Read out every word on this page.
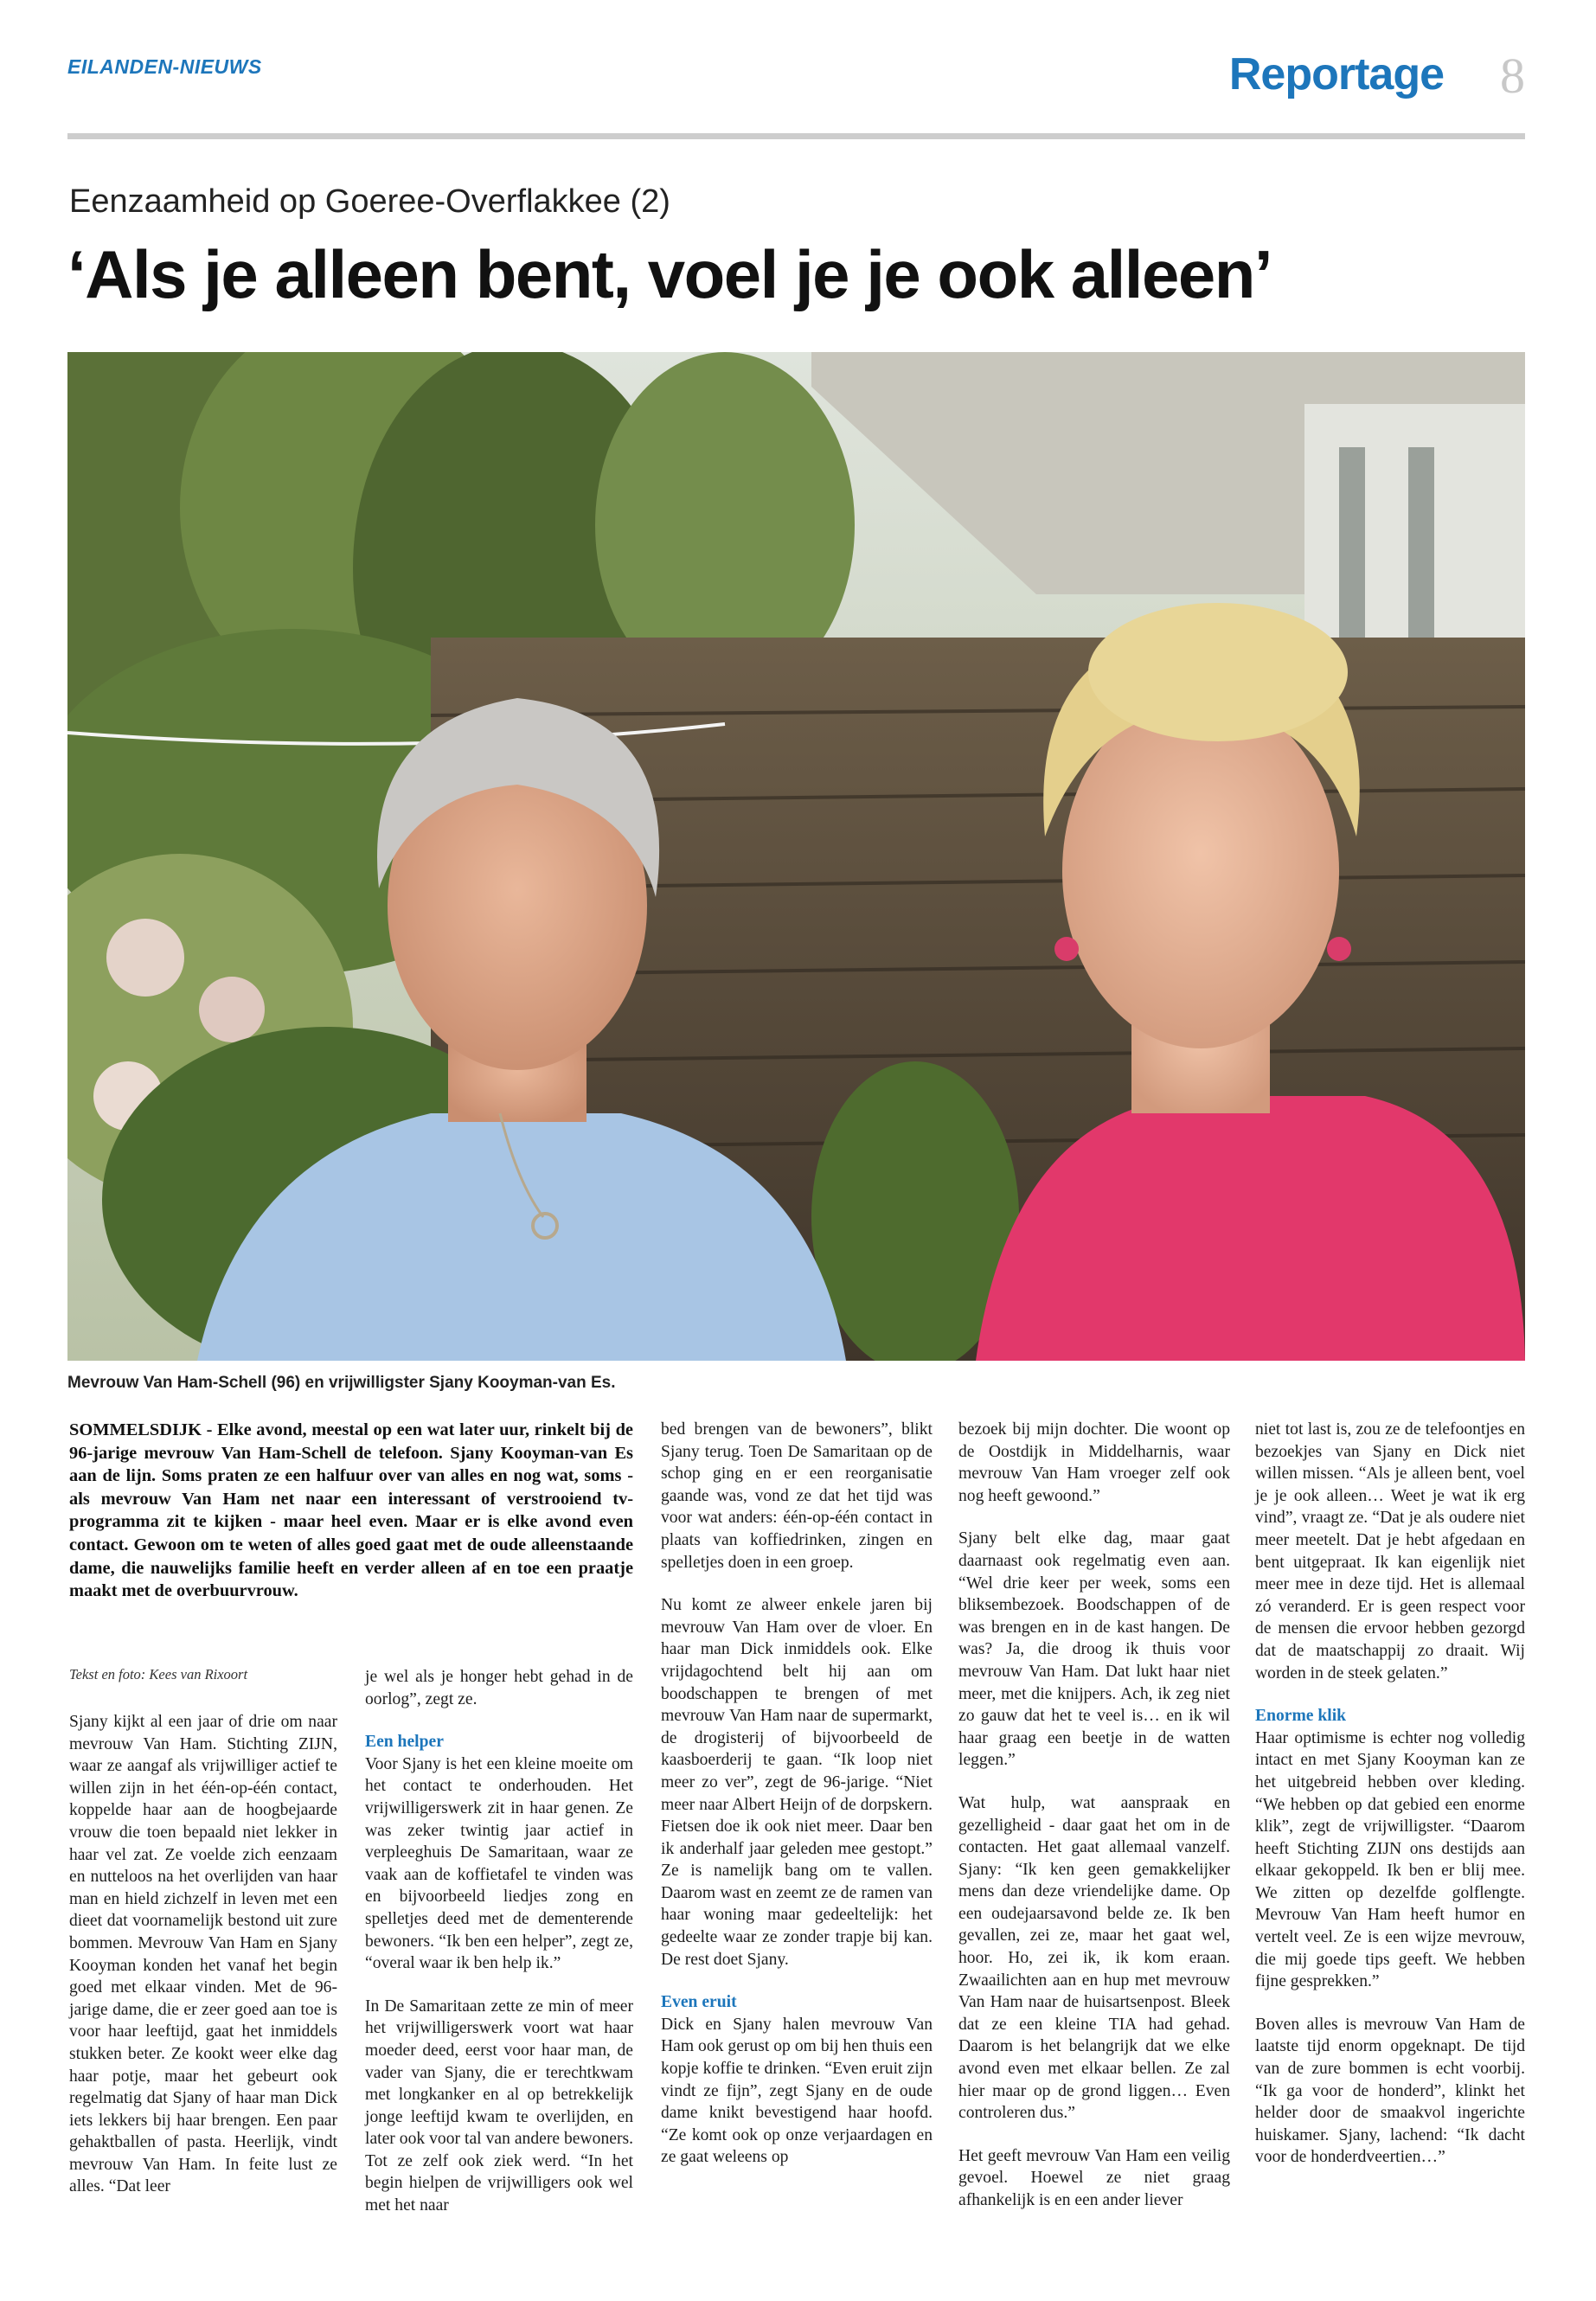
EILANDEN-NIEUWS	Reportage 8
Eenzaamheid op Goeree-Overflakkee (2)
‘Als je alleen bent, voel je je ook alleen’
Mevrouw Van Ham-Schell (96) en vrijwilligster Sjany Kooyman-van Es.
SOMMELSDIJK - Elke avond, meestal op een wat later uur, rinkelt bij de 96-jarige mevrouw Van Ham-Schell de telefoon. Sjany Kooyman-van Es aan de lijn. Soms praten ze een halfuur over van alles en nog wat, soms - als mevrouw Van Ham net naar een interessant of verstrooiend tv-programma zit te kijken - maar heel even. Maar er is elke avond even contact. Gewoon om te weten of alles goed gaat met de oude alleenstaande dame, die nauwelijks familie heeft en verder alleen af en toe een praatje maakt met de overbuurvrouw.
Tekst en foto: Kees van Rixoort

Sjany kijkt al een jaar of drie om naar mevrouw Van Ham. Stichting ZIJN, waar ze aangaf als vrijwilliger actief te willen zijn in het één-op-één contact, koppelde haar aan de hoogbejaarde vrouw die toen bepaald niet lekker in haar vel zat. Ze voelde zich eenzaam en nutteloos na het overlijden van haar man en hield zichzelf in leven met een dieet dat voornamelijk bestond uit zure bommen. Mevrouw Van Ham en Sjany Kooyman konden het vanaf het begin goed met elkaar vinden. Met de 96-jarige dame, die er zeer goed aan toe is voor haar leeftijd, gaat het inmiddels stukken beter. Ze kookt weer elke dag haar potje, maar het gebeurt ook regelmatig dat Sjany of haar man Dick iets lekkers bij haar brengen. Een paar gehaktballen of pasta. Heerlijk, vindt mevrouw Van Ham. In feite lust ze alles. “Dat leer

je wel als je honger hebt gehad in de oorlog”, zegt ze.

Een helper

Voor Sjany is het een kleine moeite om het contact te onderhouden. Het vrijwilligerswerk zit in haar genen. Ze was zeker twintig jaar actief in verpleeghuis De Samaritaan, waar ze vaak aan de koffietafel te vinden was en bijvoorbeeld liedjes zong en spelletjes deed met de dementerende bewoners. “Ik ben een helper”, zegt ze, “overal waar ik ben help ik.”

In De Samaritaan zette ze min of meer het vrijwilligerswerk voort wat haar moeder deed, eerst voor haar man, de vader van Sjany, die er terechtkwam met longkanker en al op betrekkelijk jonge leeftijd kwam te overlijden, en later ook voor tal van andere bewoners. Tot ze zelf ook ziek werd. “In het begin hielpen de vrijwilligers ook wel met het naar

bed brengen van de bewoners”, blikt Sjany terug. Toen De Samaritaan op de schop ging en er een reorganisatie gaande was, vond ze dat het tijd was voor wat anders: één-op-één contact in plaats van koffiedrinken, zingen en spelletjes doen in een groep.

Nu komt ze alweer enkele jaren bij mevrouw Van Ham over de vloer. En haar man Dick inmiddels ook. Elke vrijdagochtend belt hij aan om boodschappen te brengen of met mevrouw Van Ham naar de supermarkt, de drogisterij of bijvoorbeeld de kaasboerderij te gaan. “Ik loop niet meer zo ver”, zegt de 96-jarige. “Niet meer naar Albert Heijn of de dorpskern. Fietsen doe ik ook niet meer. Daar ben ik anderhalf jaar geleden mee gestopt.” Ze is namelijk bang om te vallen. Daarom wast en zeemt ze de ramen van haar woning maar gedeeltelijk: het gedeelte waar ze zonder trapje bij kan. De rest doet Sjany.

Even eruit

Dick en Sjany halen mevrouw Van Ham ook gerust op om bij hen thuis een kopje koffie te drinken. “Even eruit zijn vindt ze fijn”, zegt Sjany en de oude dame knikt bevestigend haar hoofd. “Ze komt ook op onze verjaardagen en ze gaat weleens op

bezoek bij mijn dochter. Die woont op de Oostdijk in Middelharnis, waar mevrouw Van Ham vroeger zelf ook nog heeft gewoond.”

Sjany belt elke dag, maar gaat daarnaast ook regelmatig even aan. “Wel drie keer per week, soms een bliksembezoek. Boodschappen of de was brengen en in de kast hangen. De was? Ja, die droog ik thuis voor mevrouw Van Ham. Dat lukt haar niet meer, met die knijpers. Ach, ik zeg niet zo gauw dat het te veel is… en ik wil haar graag een beetje in de watten leggen.”

Wat hulp, wat aanspraak en gezelligheid - daar gaat het om in de contacten. Het gaat allemaal vanzelf. Sjany: “Ik ken geen gemakkelijker mens dan deze vriendelijke dame. Op een oudejaarsavond belde ze. Ik ben gevallen, zei ze, maar het gaat wel, hoor. Ho, zei ik, ik kom eraan. Zwaailichten aan en hup met mevrouw Van Ham naar de huisartsenpost. Bleek dat ze een kleine TIA had gehad. Daarom is het belangrijk dat we elke avond even met elkaar bellen. Ze zal hier maar op de grond liggen… Even controleren dus.”

Het geeft mevrouw Van Ham een veilig gevoel. Hoewel ze niet graag afhankelijk is en een ander liever

niet tot last is, zou ze de telefoontjes en bezoekjes van Sjany en Dick niet willen missen. “Als je alleen bent, voel je je ook alleen… Weet je wat ik erg vind”, vraagt ze. “Dat je als oudere niet meer meetelt. Dat je hebt afgedaan en bent uitgepraat. Ik kan eigenlijk niet meer mee in deze tijd. Het is allemaal zó veranderd. Er is geen respect voor de mensen die ervoor hebben gezorgd dat de maatschappij zo draait. Wij worden in de steek gelaten.”

Enorme klik

Haar optimisme is echter nog volledig intact en met Sjany Kooyman kan ze het uitgebreid hebben over kleding. “We hebben op dat gebied een enorme klik”, zegt de vrijwilligster. “Daarom heeft Stichting ZIJN ons destijds aan elkaar gekoppeld. Ik ben er blij mee. We zitten op dezelfde golflengte. Mevrouw Van Ham heeft humor en vertelt veel. Ze is een wijze mevrouw, die mij goede tips geeft. We hebben fijne gesprekken.”

Boven alles is mevrouw Van Ham de laatste tijd enorm opgeknapt. De tijd van de zure bommen is echt voorbij. “Ik ga voor de honderd”, klinkt het helder door de smaakvol ingerichte huiskamer. Sjany, lachend: “Ik dacht voor de honderdveertien…”
